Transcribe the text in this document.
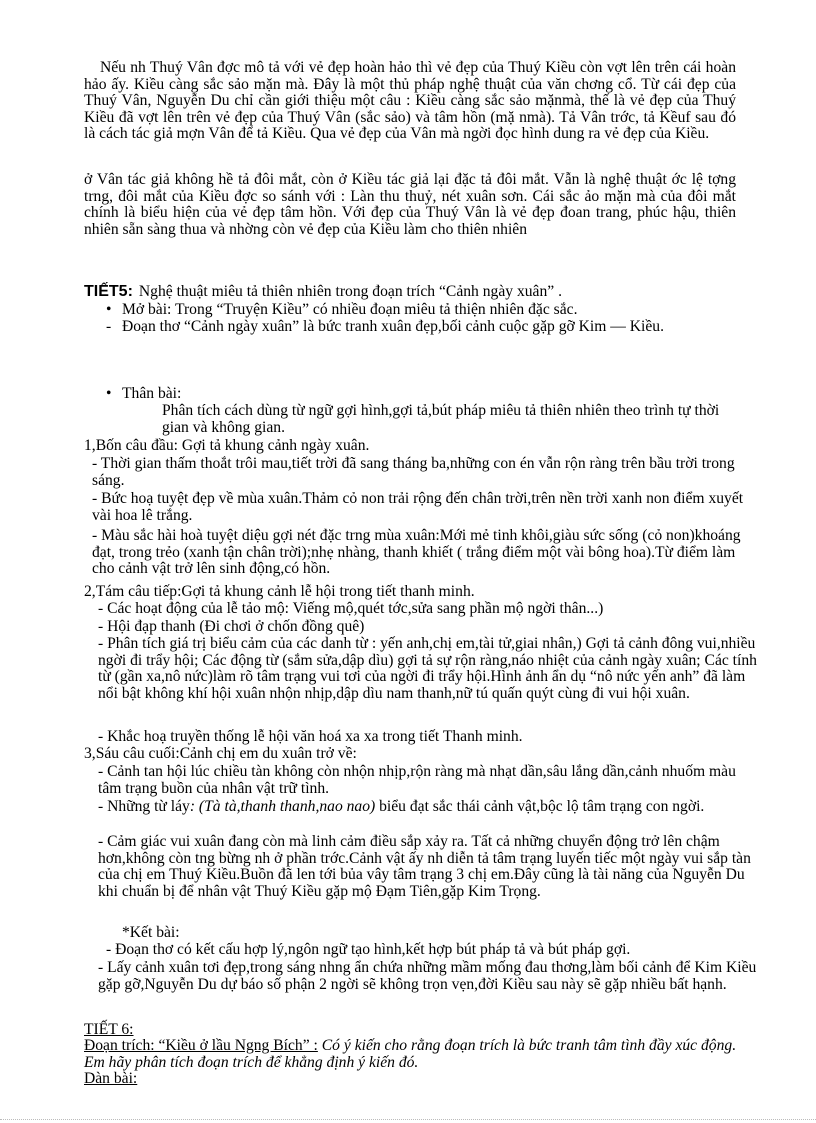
Nếu nh Thuý Vân đợc mô tả với vẻ đẹp hoàn hảo thì vẻ đẹp của Thuý Kiều còn vợt lên trên cái hoàn hảo ấy. Kiều càng sắc sảo mặn mà. Đây là một thủ pháp nghệ thuật của văn chơng cổ. Từ cái đẹp của Thuý Vân, Nguyễn Du chỉ cần giới thiệu một câu : Kiều càng sắc sảo mặnmà, thế là vẻ đẹp của Thuý Kiều đã vợt lên trên vẻ đẹp của Thuý Vân (sắc sảo) và tâm hồn (mặ nmà). Tả Vân trớc, tả Kềuf sau đó là cách tác giả mợn Vân để tả Kiều. Qua vẻ đẹp của Vân mà ngời đọc hình dung ra vẻ đẹp của Kiều.

ở Vân tác giả không hề tả đôi mắt, còn ở Kiều tác giả lại đặc tả đôi mắt. Vẫn là nghệ thuật ớc lệ tợng trng, đôi mắt của Kiều đợc so sánh với : Làn thu thuỷ, nét xuân sơn. Cái sắc ảo mặn mà của đôi mắt chính là biểu hiện của vẻ đẹp tâm hồn. Với đẹp của Thuý Vân là vẻ đẹp đoan trang, phúc hậu, thiên nhiên sẵn sàng thua và nhờng còn vẻ đẹp của Kiều làm cho thiên nhiên

TIẾT5: Nghệ thuật miêu tả thiên nhiên trong đoạn trích “Cảnh ngày xuân” .
• Mở bài: Trong “Truyện Kiều” có nhiều đoạn miêu tả thiện nhiên đặc sắc.
- Đoạn thơ “Cảnh ngày xuân” là bức tranh xuân đẹp,bối cảnh cuộc gặp gỡ Kim — Kiều.
• Thân bài:

Phân tích cách dùng từ ngữ gợi hình,gợi tả,bút pháp miêu tả thiên nhiên theo trình tự thời gian và không gian.

1,Bốn câu đầu: Gợi tả khung cảnh ngày xuân.

- Thời gian thấm thoắt trôi mau,tiết trời đã sang tháng ba,những con én vẫn rộn ràng trên bầu trời trong sáng.

- Bức hoạ tuyệt đẹp về mùa xuân.Thảm cỏ non trải rộng đến chân trời,trên nền trời xanh non điểm xuyết vài hoa lê trắng.

- Màu sắc hài hoà tuyệt diệu gợi nét đặc trng mùa xuân:Mới mẻ tinh khôi,giàu sức sống (cỏ non)khoáng đạt, trong trẻo (xanh tận chân trời);nhẹ nhàng, thanh khiết ( trắng điểm một vài bông hoa).Từ điểm làm cho cảnh vật trở lên sinh động,có hồn.

2,Tám câu tiếp:Gợi tả khung cảnh lễ hội trong tiết thanh minh.

- Các hoạt động của lễ tảo mộ: Viếng mộ,quét tớc,sửa sang phần mộ ngời thân...)

- Hội đạp thanh (Đi chơi ở chốn đồng quê)

- Phân tích giá trị biểu cảm của các danh từ : yến anh,chị em,tài tử,giai nhân,) Gợi tả cảnh đông vui,nhiều ngời đi trẩy hội; Các động từ (sắm sửa,dập dìu) gợi tả sự rộn ràng,náo nhiệt của cảnh ngày xuân; Các tính từ (gần xa,nô nức)làm rõ tâm trạng vui tơi của ngời đi trẩy hội.Hình ảnh ẩn dụ “nô nức yến anh” đã làm nổi bật không khí hội xuân nhộn nhịp,dập dìu nam thanh,nữ tú quấn quýt cùng đi vui hội xuân.

- Khắc hoạ truyền thống lễ hội văn hoá xa xa trong tiết Thanh minh.

3,Sáu câu cuối:Cảnh chị em du xuân trở về:

- Cảnh tan hội lúc chiều tàn không còn nhộn nhịp,rộn ràng mà nhạt dần,sâu lắng dần,cảnh nhuốm màu tâm trạng buồn của nhân vật trữ tình.

- Những từ láy: (Tà tà,thanh thanh,nao nao) biểu đạt sắc thái cảnh vật,bộc lộ tâm trạng con ngời.

- Cảm giác vui xuân đang còn mà linh cảm điều sắp xảy ra. Tất cả những chuyển động trở lên chậm hơn,không còn tng bừng nh ở phần trớc.Cảnh vật ấy nh diễn tả tâm trạng luyến tiếc một ngày vui sắp tàn của chị em Thuý Kiều.Buồn đã len tới bủa vây tâm trạng 3 chị em.Đây cũng là tài năng của Nguyễn Du khi chuẩn bị để nhân vật Thuý Kiều gặp mộ Đạm Tiên,gặp Kim Trọng.

*Kết bài:

- Đoạn thơ có kết cấu hợp lý,ngôn ngữ tạo hình,kết hợp bút pháp tả và bút pháp gợi.

- Lấy cảnh xuân tơi đẹp,trong sáng nhng ẩn chứa những mầm mống đau thơng,làm bối cảnh để Kim Kiều gặp gỡ,Nguyễn Du dự báo số phận 2 ngời sẽ không trọn vẹn,đời Kiều sau này sẽ gặp nhiều bất hạnh.

TIẾT 6:

Đoạn trích: “Kiều ở lầu Ngng Bích” : Có ý kiến cho rằng đoạn trích là bức tranh tâm tình đầy xúc động. Em hãy phân tích đoạn trích để khẳng định ý kiến đó.

Dàn bài:
